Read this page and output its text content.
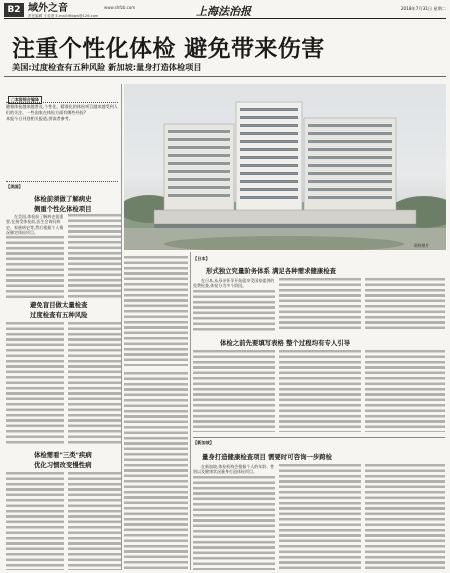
B2 域外之音
责任编辑 王若虚 E-mail:lftbgw@126.com
www.shfzb.com	上海法治报	2018年7月31日 星期二
注重个性化体检 避免带来伤害
美国:过度检查有五种风险 新加坡:量身打造体检项目
资料照片
□本报综合编译

随着体检越来越普及,个性化、精准化的体检项目越来越受到人们的关注。一些国家在体检方面有哪些经验?

本报今日刊登相关报道,供读者参考。

【美国】
体检前须做了解病史
侧重个性化体检项目

在美国,体检前了解病史很重要,在接受体检前,医生会询问病史、家族病史等,然后根据个人情况制定体检项目。

避免盲目做太量检查
过度检查有五种风险
体检需看"三类"疾病
优化习惯改变慢性病
【日本】
形式独立究量阶务体系 满足各种需求健康检查

在日本,从母亲怀孕开始就享受国家提供的免费检查,体检分为多个阶段。

体检之前先要填写表格 整个过程均有专人引导
【新加坡】
量身打造健康检查项目 需要时可咨询一步跨检

在新加坡,体检机构会根据个人的年龄、性别以及健康状况量身打造体检项目。
